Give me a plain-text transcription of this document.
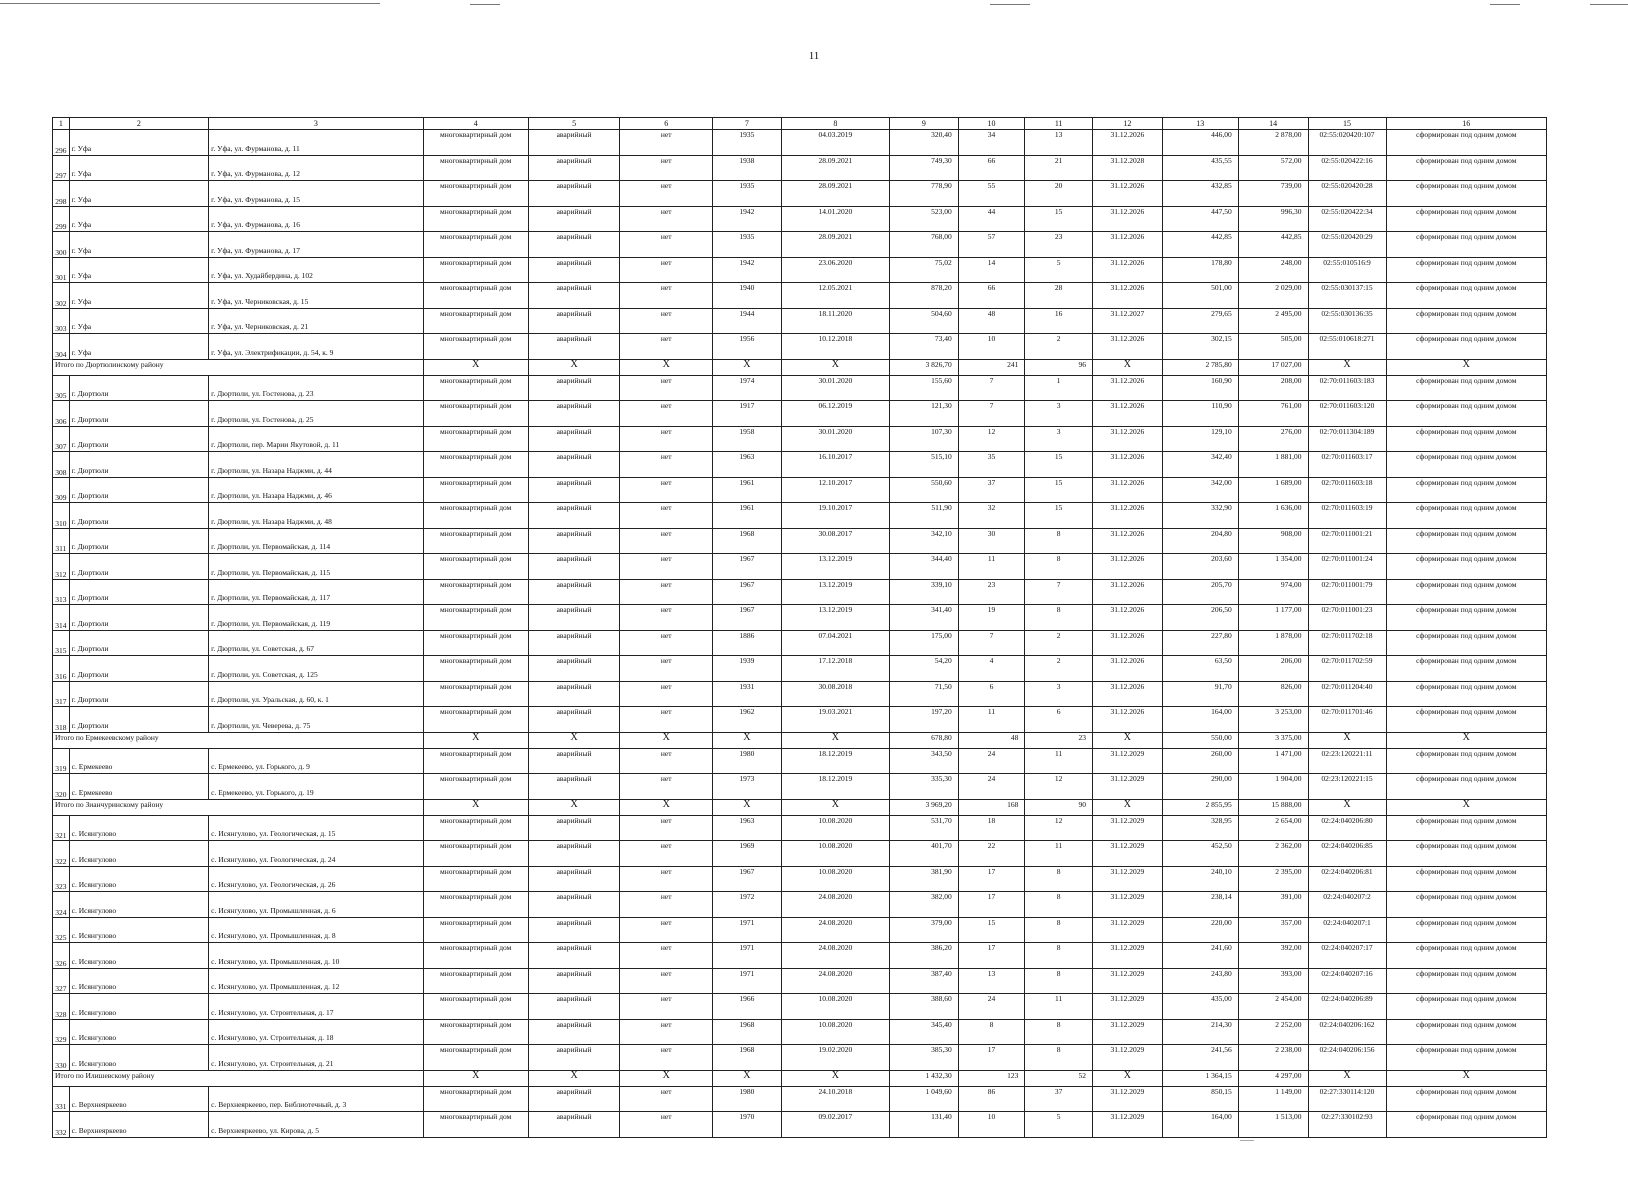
11
1	2	3	4	5	6	7	8	9	10	11	12	13	14	15	16
296	г. Уфа	г. Уфа, ул. Фурманова, д. 11	многоквартирный дом	аварийный	нет	1935	04.03.2019	320,40	34	13	31.12.2026	446,00	2 878,00	02:55:020420:107	сформирован под одним домом
297	г. Уфа	г. Уфа, ул. Фурманова, д. 12	многоквартирный дом	аварийный	нет	1938	28.09.2021	749,30	66	21	31.12.2028	435,55	572,00	02:55:020422:16	сформирован под одним домом
298	г. Уфа	г. Уфа, ул. Фурманова, д. 15	многоквартирный дом	аварийный	нет	1935	28.09.2021	778,90	55	20	31.12.2026	432,85	739,00	02:55:020420:28	сформирован под одним домом
299	г. Уфа	г. Уфа, ул. Фурманова, д. 16	многоквартирный дом	аварийный	нет	1942	14.01.2020	523,00	44	15	31.12.2026	447,50	996,30	02:55:020422:34	сформирован под одним домом
300	г. Уфа	г. Уфа, ул. Фурманова, д. 17	многоквартирный дом	аварийный	нет	1935	28.09.2021	768,00	57	23	31.12.2026	442,85	442,85	02:55:020420:29	сформирован под одним домом
301	г. Уфа	г. Уфа, ул. Худайбердина, д. 102	многоквартирный дом	аварийный	нет	1942	23.06.2020	75,02	14	5	31.12.2026	178,80	248,00	02:55:010516:9	сформирован под одним домом
302	г. Уфа	г. Уфа, ул. Черниковская, д. 15	многоквартирный дом	аварийный	нет	1940	12.05.2021	878,20	66	28	31.12.2026	501,00	2 029,00	02:55:030137:15	сформирован под одним домом
303	г. Уфа	г. Уфа, ул. Черниковская, д. 21	многоквартирный дом	аварийный	нет	1944	18.11.2020	504,60	48	16	31.12.2027	279,65	2 495,00	02:55:030136:35	сформирован под одним домом
304	г. Уфа	г. Уфа, ул. Электрификации, д. 54, к. 9	многоквартирный дом	аварийный	нет	1956	10.12.2018	73,40	10	2	31.12.2026	302,15	505,00	02:55:010618:271	сформирован под одним домом
Итого по Дюртюлинскому району			X	X	X	X	X	3 826,70	241	96	X	2 785,80	17 027,00	X	X
305	г. Дюртюли	г. Дюртюли, ул. Гостенова, д. 23	многоквартирный дом	аварийный	нет	1974	30.01.2020	155,60	7	1	31.12.2026	160,90	208,00	02:70:011603:183	сформирован под одним домом
306	г. Дюртюли	г. Дюртюли, ул. Гостенова, д. 25	многоквартирный дом	аварийный	нет	1917	06.12.2019	121,30	7	3	31.12.2026	110,90	761,00	02:70:011603:120	сформирован под одним домом
307	г. Дюртюли	г. Дюртюли, пер. Марии Якутовой, д. 11	многоквартирный дом	аварийный	нет	1958	30.01.2020	107,30	12	3	31.12.2026	129,10	276,00	02:70:011304:189	сформирован под одним домом
308	г. Дюртюли	г. Дюртюли, ул. Назара Наджми, д. 44	многоквартирный дом	аварийный	нет	1963	16.10.2017	515,10	35	15	31.12.2026	342,40	1 881,00	02:70:011603:17	сформирован под одним домом
309	г. Дюртюли	г. Дюртюли, ул. Назара Наджми, д. 46	многоквартирный дом	аварийный	нет	1961	12.10.2017	550,60	37	15	31.12.2026	342,00	1 689,00	02:70:011603:18	сформирован под одним домом
310	г. Дюртюли	г. Дюртюли, ул. Назара Наджми, д. 48	многоквартирный дом	аварийный	нет	1961	19.10.2017	511,90	32	15	31.12.2026	332,90	1 636,00	02:70:011603:19	сформирован под одним домом
311	г. Дюртюли	г. Дюртюли, ул. Первомайская, д. 114	многоквартирный дом	аварийный	нет	1968	30.08.2017	342,10	30	8	31.12.2026	204,80	908,00	02:70:011001:21	сформирован под одним домом
312	г. Дюртюли	г. Дюртюли, ул. Первомайская, д. 115	многоквартирный дом	аварийный	нет	1967	13.12.2019	344,40	11	8	31.12.2026	203,60	1 354,00	02:70:011001:24	сформирован под одним домом
313	г. Дюртюли	г. Дюртюли, ул. Первомайская, д. 117	многоквартирный дом	аварийный	нет	1967	13.12.2019	339,10	23	7	31.12.2026	205,70	974,00	02:70:011001:79	сформирован под одним домом
314	г. Дюртюли	г. Дюртюли, ул. Первомайская, д. 119	многоквартирный дом	аварийный	нет	1967	13.12.2019	341,40	19	8	31.12.2026	206,50	1 177,00	02:70:011001:23	сформирован под одним домом
315	г. Дюртюли	г. Дюртюли, ул. Советская, д. 67	многоквартирный дом	аварийный	нет	1886	07.04.2021	175,00	7	2	31.12.2026	227,80	1 878,00	02:70:011702:18	сформирован под одним домом
316	г. Дюртюли	г. Дюртюли, ул. Советская, д. 125	многоквартирный дом	аварийный	нет	1939	17.12.2018	54,20	4	2	31.12.2026	63,50	206,00	02:70:011702:59	сформирован под одним домом
317	г. Дюртюли	г. Дюртюли, ул. Уральская, д. 60, к. 1	многоквартирный дом	аварийный	нет	1931	30.08.2018	71,50	6	3	31.12.2026	91,70	826,00	02:70:011204:40	сформирован под одним домом
318	г. Дюртюли	г. Дюртюли, ул. Чеверева, д. 75	многоквартирный дом	аварийный	нет	1962	19.03.2021	197,20	11	6	31.12.2026	164,00	3 253,00	02:70:011701:46	сформирован под одним домом
Итого по Ермекеевскому району			X	X	X	X	X	678,80	48	23	X	550,00	3 375,00	X	X
319	с. Ермекеево	с. Ермекеево, ул. Горького, д. 9	многоквартирный дом	аварийный	нет	1980	18.12.2019	343,50	24	11	31.12.2029	260,00	1 471,00	02:23:120221:11	сформирован под одним домом
320	с. Ермекеево	с. Ермекеево, ул. Горького, д. 19	многоквартирный дом	аварийный	нет	1973	18.12.2019	335,30	24	12	31.12.2029	290,00	1 904,00	02:23:120221:15	сформирован под одним домом
Итого по Зианчуринскому району			X	X	X	X	X	3 969,20	168	90	X	2 855,95	15 888,00	X	X
321	с. Исянгулово	с. Исянгулово, ул. Геологическая, д. 15	многоквартирный дом	аварийный	нет	1963	10.08.2020	531,70	18	12	31.12.2029	328,95	2 654,00	02:24:040206:80	сформирован под одним домом
322	с. Исянгулово	с. Исянгулово, ул. Геологическая, д. 24	многоквартирный дом	аварийный	нет	1969	10.08.2020	401,70	22	11	31.12.2029	452,50	2 362,00	02:24:040206:85	сформирован под одним домом
323	с. Исянгулово	с. Исянгулово, ул. Геологическая, д. 26	многоквартирный дом	аварийный	нет	1967	10.08.2020	381,90	17	8	31.12.2029	240,10	2 395,00	02:24:040206:81	сформирован под одним домом
324	с. Исянгулово	с. Исянгулово, ул. Промышленная, д. 6	многоквартирный дом	аварийный	нет	1972	24.08.2020	382,00	17	8	31.12.2029	238,14	391,00	02:24:040207:2	сформирован под одним домом
325	с. Исянгулово	с. Исянгулово, ул. Промышленная, д. 8	многоквартирный дом	аварийный	нет	1971	24.08.2020	379,00	15	8	31.12.2029	220,00	357,00	02:24:040207:1	сформирован под одним домом
326	с. Исянгулово	с. Исянгулово, ул. Промышленная, д. 10	многоквартирный дом	аварийный	нет	1971	24.08.2020	386,20	17	8	31.12.2029	241,60	392,00	02:24:040207:17	сформирован под одним домом
327	с. Исянгулово	с. Исянгулово, ул. Промышленная, д. 12	многоквартирный дом	аварийный	нет	1971	24.08.2020	387,40	13	8	31.12.2029	243,80	393,00	02:24:040207:16	сформирован под одним домом
328	с. Исянгулово	с. Исянгулово, ул. Строительная, д. 17	многоквартирный дом	аварийный	нет	1966	10.08.2020	388,60	24	11	31.12.2029	435,00	2 454,00	02:24:040206:89	сформирован под одним домом
329	с. Исянгулово	с. Исянгулово, ул. Строительная, д. 18	многоквартирный дом	аварийный	нет	1968	10.08.2020	345,40	8	8	31.12.2029	214,30	2 252,00	02:24:040206:162	сформирован под одним домом
330	с. Исянгулово	с. Исянгулово, ул. Строительная, д. 21	многоквартирный дом	аварийный	нет	1968	19.02.2020	385,30	17	8	31.12.2029	241,56	2 238,00	02:24:040206:156	сформирован под одним домом
Итого по Илишевскому району			X	X	X	X	X	1 432,30	123	52	X	1 364,15	4 297,00	X	X
331	с. Верхнеяркеево	с. Верхнеяркеево, пер. Библиотечный, д. 3	многоквартирный дом	аварийный	нет	1980	24.10.2018	1 049,60	86	37	31.12.2029	850,15	1 149,00	02:27:330114:120	сформирован под одним домом
332	с. Верхнеяркеево	с. Верхнеяркеево, ул. Кирова, д. 5	многоквартирный дом	аварийный	нет	1970	09.02.2017	131,40	10	5	31.12.2029	164,00	1 513,00	02:27:330102:93	сформирован под одним домом
